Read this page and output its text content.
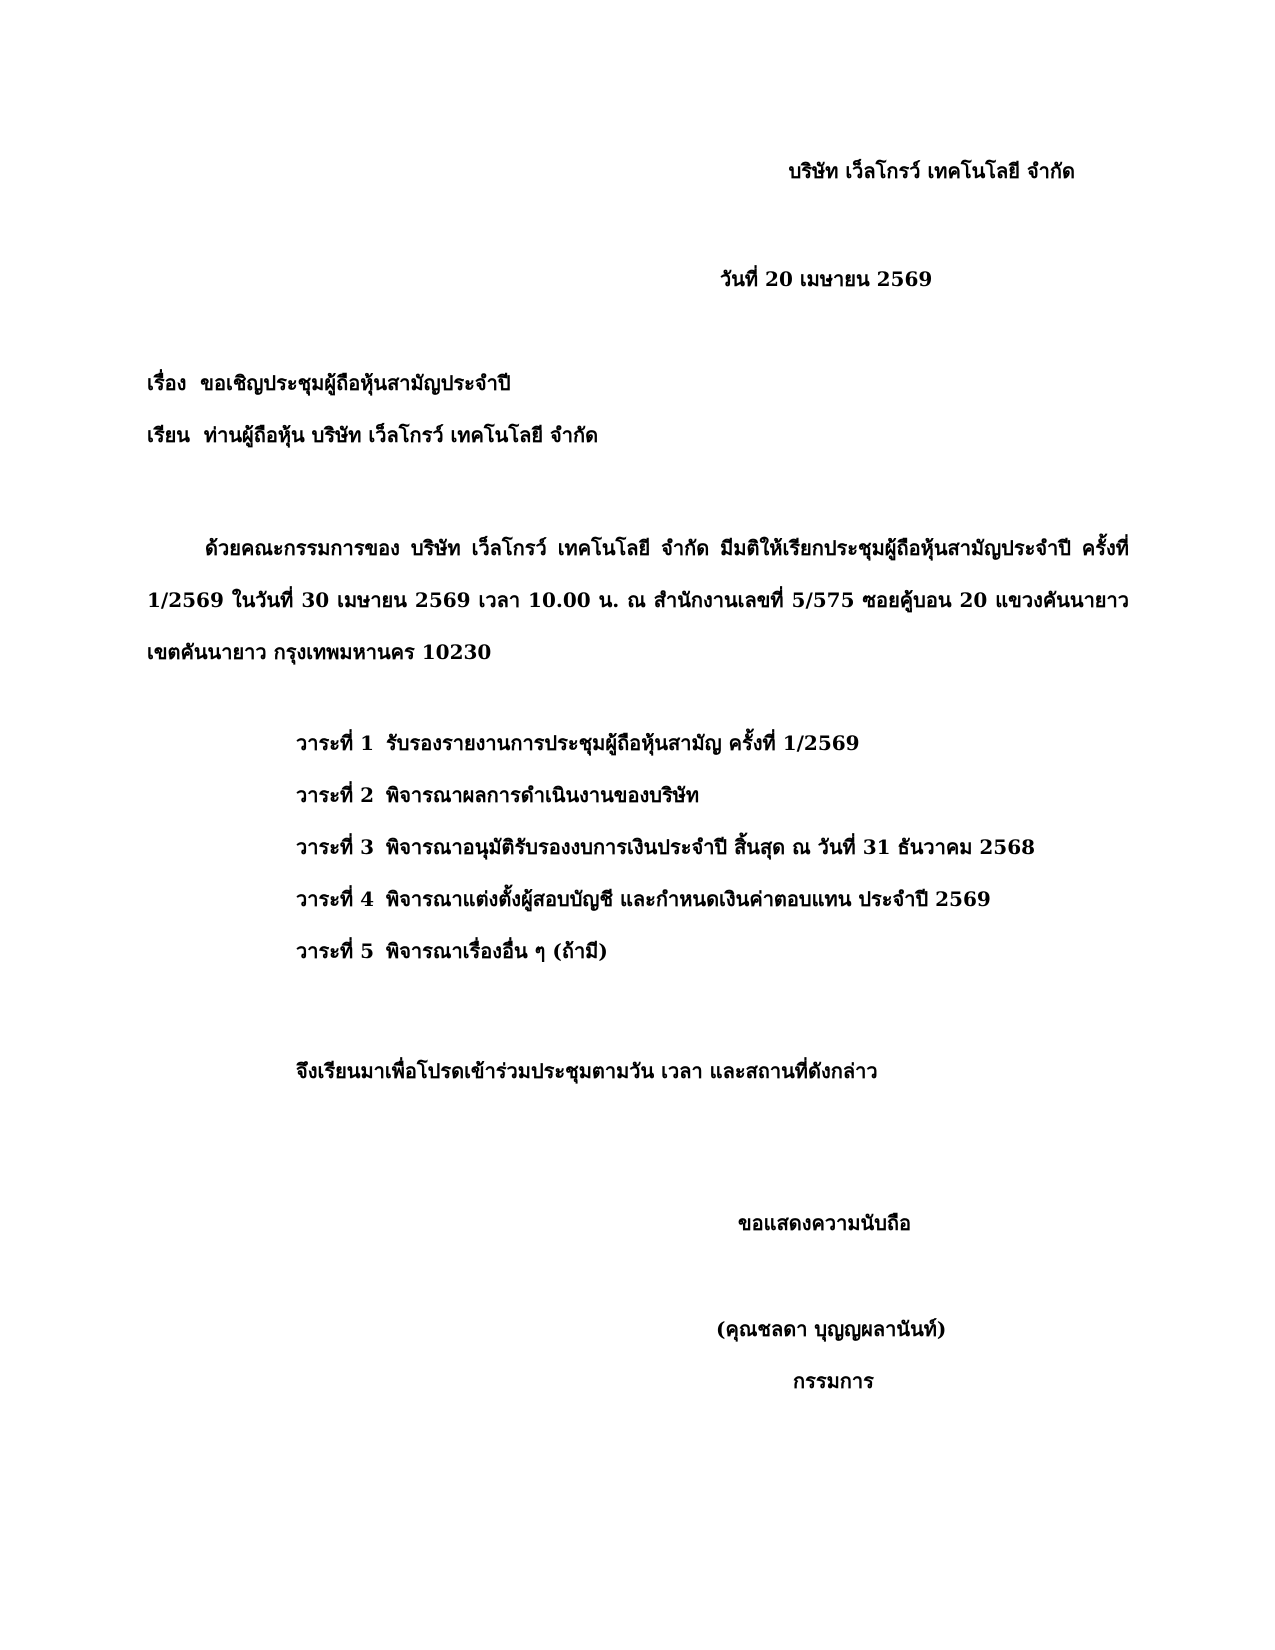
บริษัท เว็ลโกรว์ เทคโนโลยี จำกัด
วันที่ 20 เมษายน 2569
เรื่อง ขอเชิญประชุมผู้ถือหุ้นสามัญประจำปี
เรียน ท่านผู้ถือหุ้น บริษัท เว็ลโกรว์ เทคโนโลยี จำกัด
ด้วยคณะกรรมการของ บริษัท เว็ลโกรว์ เทคโนโลยี จำกัด มีมติให้เรียกประชุมผู้ถือหุ้นสามัญประจำปี ครั้งที่ 1/2569 ในวันที่ 30 เมษายน 2569 เวลา 10.00 น. ณ สำนักงานเลขที่ 5/575 ซอยคู้บอน 20 แขวงคันนายาว เขตคันนายาว กรุงเทพมหานคร 10230
วาระที่ 1 รับรองรายงานการประชุมผู้ถือหุ้นสามัญ ครั้งที่ 1/2569
วาระที่ 2 พิจารณาผลการดำเนินงานของบริษัท
วาระที่ 3 พิจารณาอนุมัติรับรองงบการเงินประจำปี สิ้นสุด ณ วันที่ 31 ธันวาคม 2568
วาระที่ 4 พิจารณาแต่งตั้งผู้สอบบัญชี และกำหนดเงินค่าตอบแทน ประจำปี 2569
วาระที่ 5 พิจารณาเรื่องอื่น ๆ (ถ้ามี)
จึงเรียนมาเพื่อโปรดเข้าร่วมประชุมตามวัน เวลา และสถานที่ดังกล่าว
ขอแสดงความนับถือ
(คุณชลดา บุญญผลานันท์)
กรรมการ
